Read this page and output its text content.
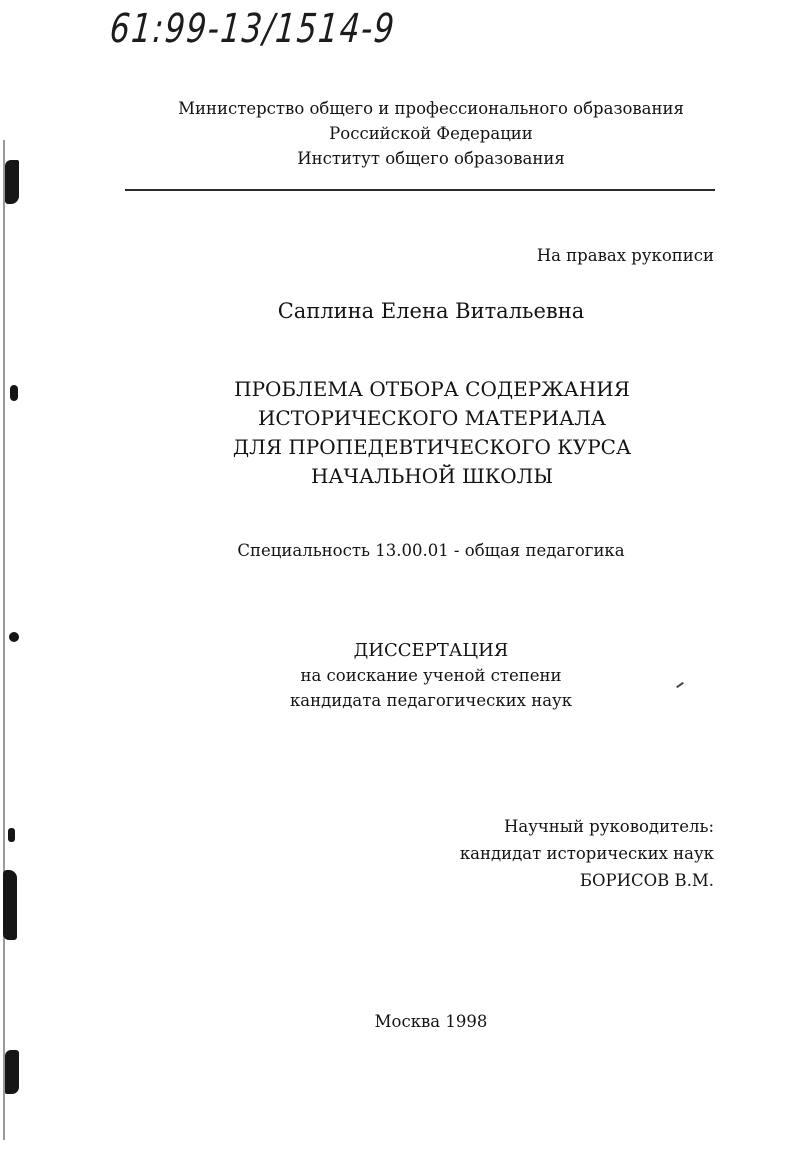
61:99-13/1514-9
Министерство общего и профессионального образования
Российской Федерации
Институт общего образования
На правах рукописи
Саплина Елена Витальевна
ПРОБЛЕМА ОТБОРА СОДЕРЖАНИЯ
ИСТОРИЧЕСКОГО МАТЕРИАЛА
ДЛЯ ПРОПЕДЕВТИЧЕСКОГО КУРСА
НАЧАЛЬНОЙ ШКОЛЫ
Специальность 13.00.01 - общая педагогика
ДИССЕРТАЦИЯ
на соискание ученой степени
кандидата педагогических наук
Научный руководитель:
кандидат исторических наук
БОРИСОВ В.М.
Москва 1998
